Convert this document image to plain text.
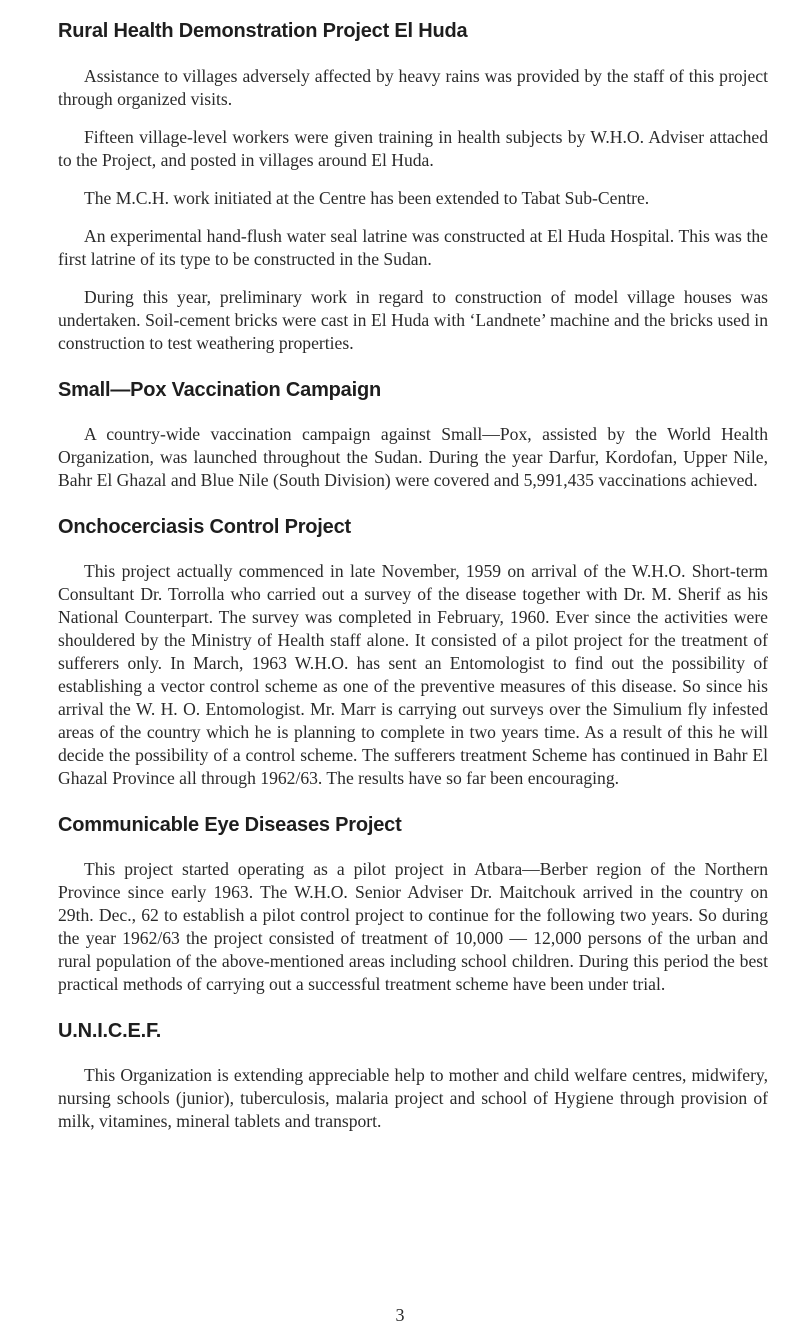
Rural Health Demonstration Project El Huda

Assistance to villages adversely affected by heavy rains was provided by the staff of this project through organized visits.

Fifteen village-level workers were given training in health subjects by W.H.O. Adviser attached to the Project, and posted in villages around El Huda.

The M.C.H. work initiated at the Centre has been extended to Tabat Sub-Centre.

An experimental hand-flush water seal latrine was constructed at El Huda Hospital. This was the first latrine of its type to be constructed in the Sudan.

During this year, preliminary work in regard to construction of model village houses was undertaken. Soil-cement bricks were cast in El Huda with ‘Landnete’ machine and the bricks used in construction to test weathering properties.

Small—Pox Vaccination Campaign

A country-wide vaccination campaign against Small—Pox, assisted by the World Health Organization, was launched throughout the Sudan. During the year Darfur, Kordofan, Upper Nile, Bahr El Ghazal and Blue Nile (South Division) were covered and 5,991,435 vaccinations achieved.

Onchocerciasis Control Project

This project actually commenced in late November, 1959 on arrival of the W.H.O. Short-term Consultant Dr. Torrolla who carried out a survey of the disease together with Dr. M. Sherif as his National Counterpart. The survey was completed in February, 1960. Ever since the activities were shouldered by the Ministry of Health staff alone. It consisted of a pilot project for the treatment of sufferers only. In March, 1963 W.H.O. has sent an Entomologist to find out the possibility of establishing a vector control scheme as one of the preventive measures of this disease. So since his arrival the W. H. O. Entomologist. Mr. Marr is carrying out surveys over the Simulium fly infested areas of the country which he is planning to complete in two years time. As a result of this he will decide the possibility of a control scheme. The sufferers treatment Scheme has continued in Bahr El Ghazal Province all through 1962/63. The results have so far been encouraging.

Communicable Eye Diseases Project

This project started operating as a pilot project in Atbara—Berber region of the Northern Province since early 1963. The W.H.O. Senior Adviser Dr. Maitchouk arrived in the country on 29th. Dec., 62 to establish a pilot control project to continue for the following two years. So during the year 1962/63 the project consisted of treatment of 10,000 — 12,000 persons of the urban and rural population of the above-mentioned areas including school children. During this period the best practical methods of carrying out a successful treatment scheme have been under trial.

U.N.I.C.E.F.

This Organization is extending appreciable help to mother and child welfare centres, midwifery, nursing schools (junior), tuberculosis, malaria project and school of Hygiene through provision of milk, vitamines, mineral tablets and transport.

3
